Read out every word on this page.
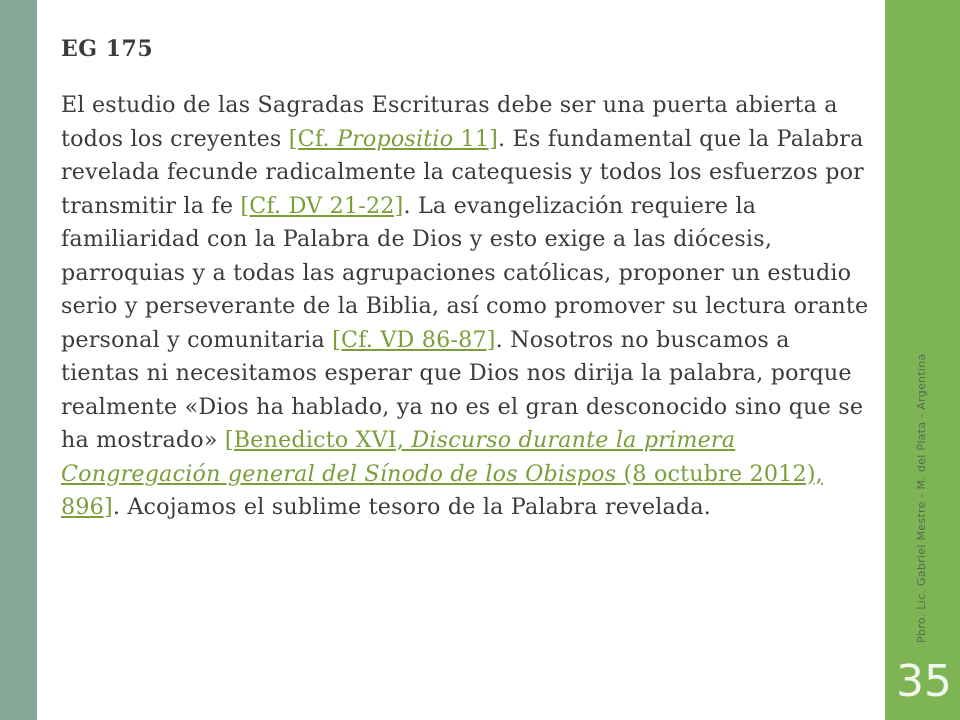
EG 175

El estudio de las Sagradas Escrituras debe ser una puerta abierta a todos los creyentes [Cf. Propositio 11]. Es fundamental que la Palabra revelada fecunde radicalmente la catequesis y todos los esfuerzos por transmitir la fe [Cf. DV 21-22]. La evangelización requiere la familiaridad con la Palabra de Dios y esto exige a las diócesis, parroquias y a todas las agrupaciones católicas, proponer un estudio serio y perseverante de la Biblia, así como promover su lectura orante personal y comunitaria [Cf. VD 86-87]. Nosotros no buscamos a tientas ni necesitamos esperar que Dios nos dirija la palabra, porque realmente «Dios ha hablado, ya no es el gran desconocido sino que se ha mostrado» [Benedicto XVI, Discurso durante la primera Congregación general del Sínodo de los Obispos (8 octubre 2012), 896]. Acojamos el sublime tesoro de la Palabra revelada.	Pbro. Lic. Gabriel Mestre - M. del Plata - Argentina
35
